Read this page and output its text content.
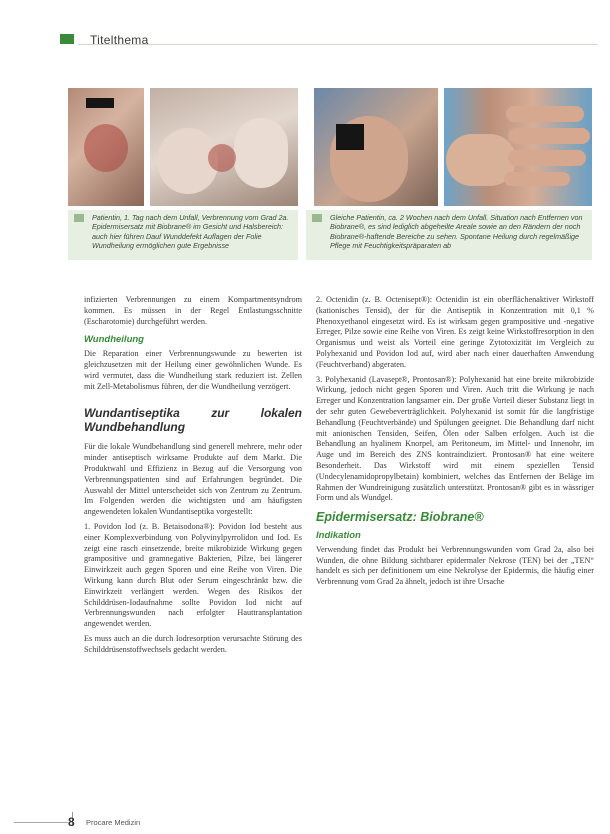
Titelthema
Patientin, 1. Tag nach dem Unfall, Verbrennung vom Grad 2a. Epidermisersatz mit Biobrane® im Gesicht und Halsbereich: auch hier führen Dauf Wunddefekt Auflagen der Folie Wundheilung ermöglichen gute Ergebnisse
Gleiche Patientin, ca. 2 Wochen nach dem Unfall. Situation nach Entfernen von Biobrane®, es sind lediglich abgeheilte Areale sowie an den Rändern der noch Biobrane®-haftende Bereiche zu sehen. Spontane Heilung durch regelmäßige Pflege mit Feuchtigkeitspräparaten ab

infizierten Verbrennungen zu einem Kompartmentsyndrom kommen. Es müssen in der Regel Entlastungsschnitte (Escharotomie) durchgeführt werden.

Wundheilung

Die Reparation einer Verbrennungswunde zu bewerten ist gleichzusetzen mit der Heilung einer gewöhnlichen Wunde. Es wird vermutet, dass die Wundheilung stark reduziert ist. Zellen mit Zell-Metabolismus führen, der die Wundheilung verzögert.

Wundantiseptika zur lokalen Wundbehandlung

Für die lokale Wundbehandlung sind generell mehrere, mehr oder minder antiseptisch wirksame Produkte auf dem Markt. Die Produktwahl und Effizienz in Bezug auf die Versorgung von Verbrennungspatienten sind auf Erfahrungen begründet. Die Auswahl der Mittel unterscheidet sich von Zentrum zu Zentrum. Im Folgenden werden die wichtigsten und am häufigsten angewendeten lokalen Wundantiseptika vorgestellt:

1. Povidon Iod (z. B. Betaisodona®): Povidon Iod besteht aus einer Komplexverbindung von Polyvinylpyrrolidon und Iod. Es zeigt eine rasch einsetzende, breite mikrobizide Wirkung gegen grampositive und gramnegative Bakterien, Pilze, bei längerer Einwirkzeit auch gegen Sporen und eine Reihe von Viren. Die Wirkung kann durch Blut oder Serum eingeschränkt bzw. die Einwirkzeit verlängert werden. Wegen des Risikos der Schilddrüsen-Iodaufnahme sollte Povidon Iod nicht auf Verbrennungswunden nach erfolgter Hauttransplantation angewendet werden.

Es muss auch an die durch Iodresorption verursachte Störung des Schilddrüsenstoffwechsels gedacht werden.

2. Octenidin (z. B. Octenisept®): Octenidin ist ein oberflächenaktiver Wirkstoff (kationisches Tensid), der für die Antiseptik in Konzentration mit 0,1 % Phenoxyethanol eingesetzt wird. Es ist wirksam gegen grampositive und -negative Erreger, Pilze sowie eine Reihe von Viren. Es zeigt keine Wirkstoffresorption in den Organismus und weist als Vorteil eine geringe Zytotoxizität im Vergleich zu Polyhexanid und Povidon Iod auf, wird aber nach einer dauerhaften Anwendung (Feuchtverband) abgeraten.

3. Polyhexanid (Lavasept®, Prontosan®): Polyhexanid hat eine breite mikrobizide Wirkung, jedoch nicht gegen Sporen und Viren. Auch tritt die Wirkung je nach Erreger und Konzentration langsamer ein. Der große Vorteil dieser Substanz liegt in der sehr guten Gewebeverträglichkeit. Polyhexanid ist somit für die langfristige Behandlung (Feuchtverbände) und Spülungen geeignet. Die Behandlung darf nicht mit anionischen Tensiden, Seifen, Ölen oder Salben erfolgen. Auch ist die Behandlung an hyalinem Knorpel, am Peritoneum, im Mittel- und Innenohr, im Auge und im Bereich des ZNS kontraindiziert. Prontosan® hat eine weitere Besonderheit. Das Wirkstoff wird mit einem speziellen Tensid (Undecylenamidopropylbetain) kombiniert, welches das Entfernen der Beläge im Rahmen der Wundreinigung zusätzlich unterstützt. Prontosan® gibt es in wässriger Form und als Wundgel.

Epidermisersatz: Biobrane®
Indikation

Verwendung findet das Produkt bei Verbrennungswunden vom Grad 2a, also bei Wunden, die ohne Bildung sichtbarer epidermaler Nekrose (TEN) bei der „TEN“ handelt es sich per definitionem um eine Nekrolyse der Epidermis, die häufig einer Verbrennung vom Grad 2a ähnelt, jedoch ist ihre Ursache

8 Procare Medizin
